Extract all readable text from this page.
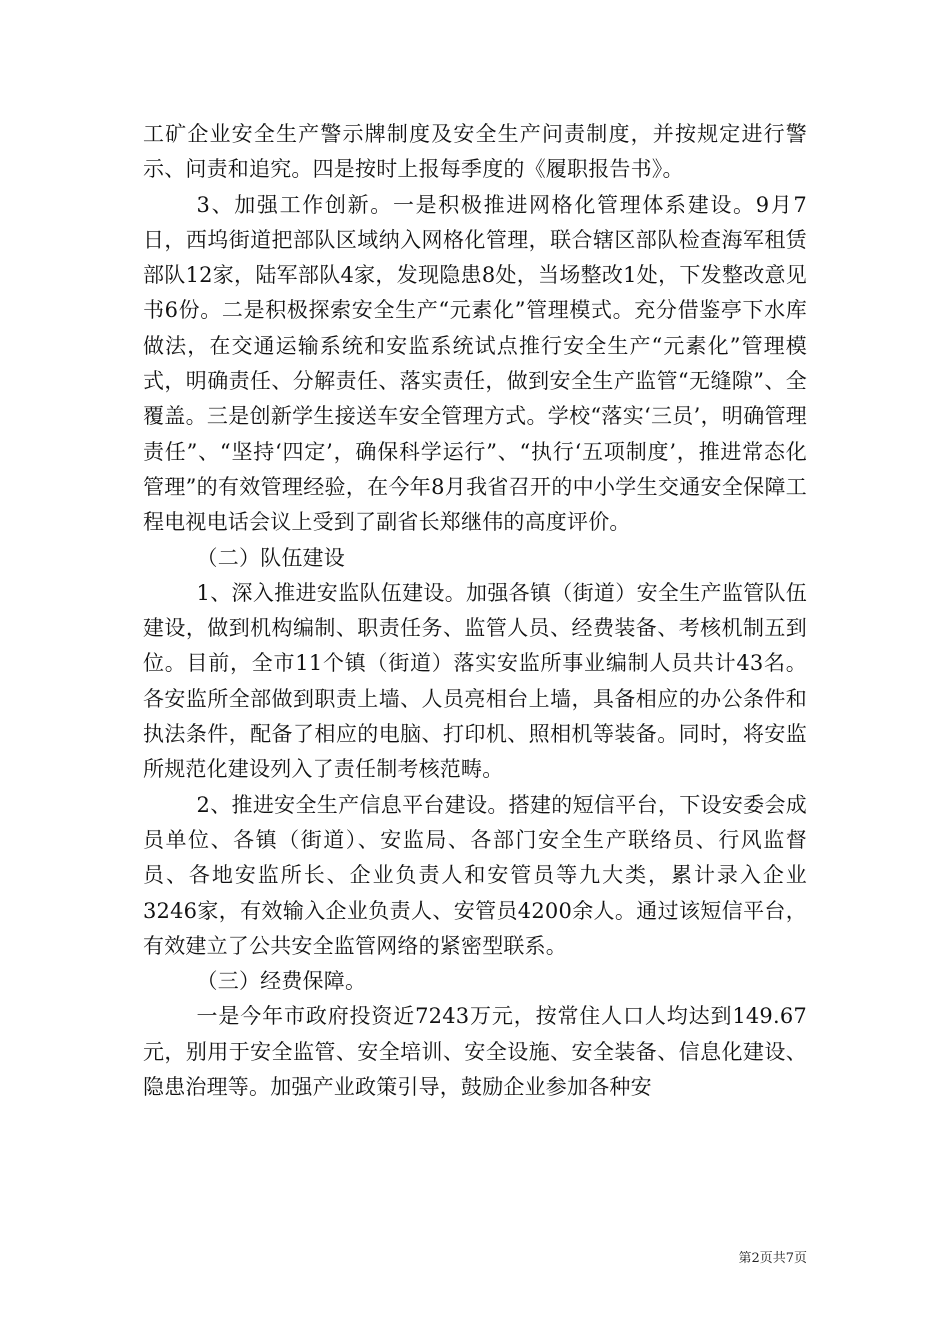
工矿企业安全生产警示牌制度及安全生产问责制度，并按规定进行警示、问责和追究。四是按时上报每季度的《履职报告书》。

3、加强工作创新。一是积极推进网格化管理体系建设。9月7日，西坞街道把部队区域纳入网格化管理，联合辖区部队检查海军租赁部队12家，陆军部队4家，发现隐患8处，当场整改1处，下发整改意见书6份。二是积极探索安全生产“元素化”管理模式。充分借鉴亭下水库做法，在交通运输系统和安监系统试点推行安全生产“元素化”管理模式，明确责任、分解责任、落实责任，做到安全生产监管“无缝隙”、全覆盖。三是创新学生接送车安全管理方式。学校“落实‘三员’，明确管理责任”、“坚持‘四定’，确保科学运行”、“执行‘五项制度’，推进常态化管理”的有效管理经验，在今年8月我省召开的中小学生交通安全保障工程电视电话会议上受到了副省长郑继伟的高度评价。

（二）队伍建设

1、深入推进安监队伍建设。加强各镇（街道）安全生产监管队伍建设，做到机构编制、职责任务、监管人员、经费装备、考核机制五到位。目前，全市11个镇（街道）落实安监所事业编制人员共计43名。各安监所全部做到职责上墙、人员亮相台上墙，具备相应的办公条件和执法条件，配备了相应的电脑、打印机、照相机等装备。同时，将安监所规范化建设列入了责任制考核范畴。

2、推进安全生产信息平台建设。搭建的短信平台，下设安委会成员单位、各镇（街道）、安监局、各部门安全生产联络员、行风监督员、各地安监所长、企业负责人和安管员等九大类，累计录入企业3246家，有效输入企业负责人、安管员4200余人。通过该短信平台，有效建立了公共安全监管网络的紧密型联系。

（三）经费保障。

一是今年市政府投资近7243万元，按常住人口人均达到149.67元，别用于安全监管、安全培训、安全设施、安全装备、信息化建设、隐患治理等。加强产业政策引导，鼓励企业参加各种安

第2页共7页
